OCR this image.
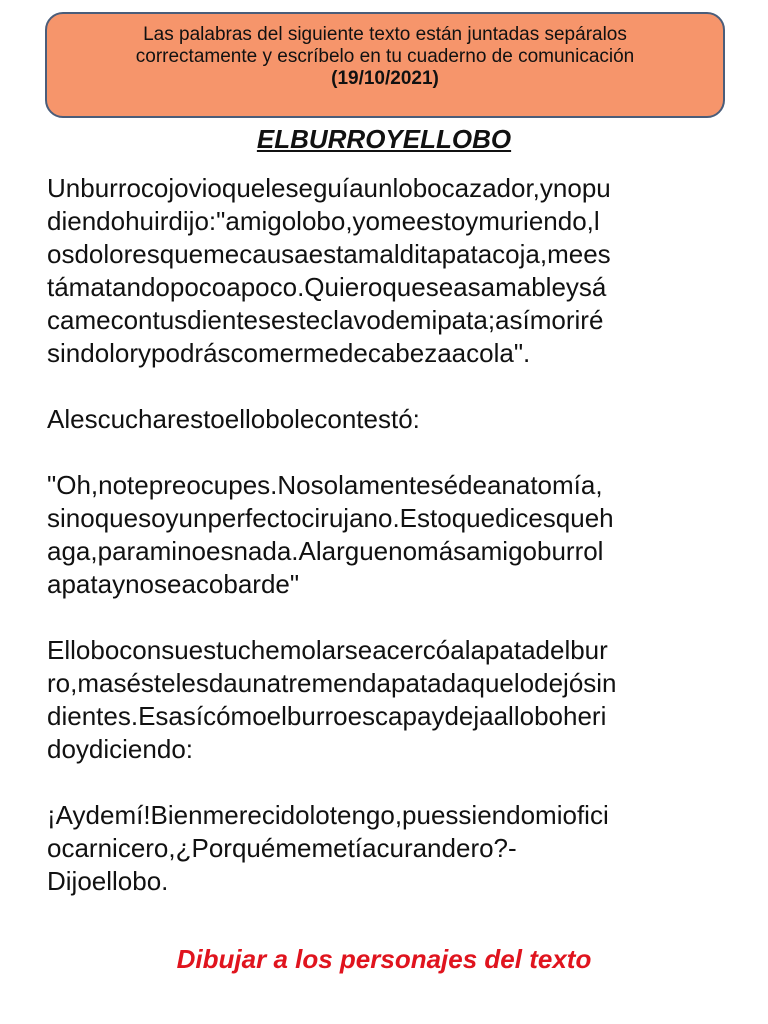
Las palabras del siguiente texto están juntadas sepáralos
correctamente y escríbelo en tu cuaderno de comunicación
(19/10/2021)
ELBURROYELLOBO
Unburrocojovioqueleseguíaunlobocazador,ynopu
diendohuirdijo:"amigolobo,yomeestoymuriendo,l
osdoloresquemecausaestamalditapatacoja,mees
támatandopocoapoco.Quieroqueseasamableysá
camecontusdientesesteclavodemipata;asímoriré
sindolorypodráscomermedecabezaacola".
Alescucharestoellobolecontestó:
"Oh,notepreocupes.Nosolamentesédeanatomía,
sinoquesoyunperfectocirujano.Estoquedicesqueh
aga,paraminoesnada.Alarguenomásamigoburrol
apataynoseacobarde"
Elloboconsuestuchemolarseacercóalapatadelbur
ro,maséstelesdaunatremendapatadaquelodejósin
dientes.Esasícómoelburroescapaydejaalloboheri
doydiciendo:
¡Aydemí!Bienmerecidolotengo,puessiendomiofici
ocarnicero,¿Porquémemetíacurandero?-
Dijoellobo.
Dibujar a los personajes del texto
